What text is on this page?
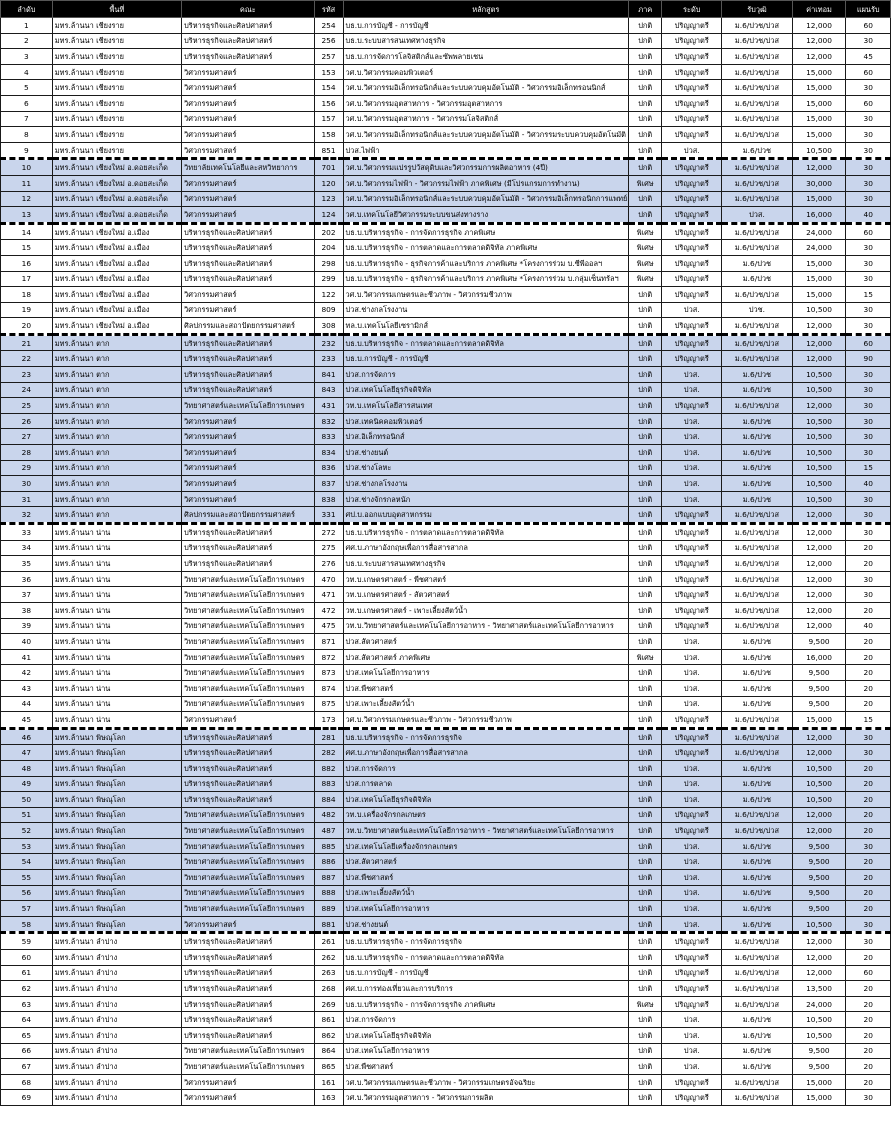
ลำดับ	พื้นที่	คณะ	รหัส	หลักสูตร	ภาค	ระดับ	รับวุฒิ	ค่าเทอม	แผนรับ
1	มทร.ล้านนา เชียงราย	บริหารธุรกิจและศิลปศาสตร์	254	บธ.บ.การบัญชี - การบัญชี	ปกติ	ปริญญาตรี	ม.6/ปวช/ปวส	12,000	60
2	มทร.ล้านนา เชียงราย	บริหารธุรกิจและศิลปศาสตร์	256	บธ.บ.ระบบสารสนเทศทางธุรกิจ	ปกติ	ปริญญาตรี	ม.6/ปวช/ปวส	12,000	30
3	มทร.ล้านนา เชียงราย	บริหารธุรกิจและศิลปศาสตร์	257	บธ.บ.การจัดการโลจิสติกส์และซัพพลายเชน	ปกติ	ปริญญาตรี	ม.6/ปวช/ปวส	12,000	45
4	มทร.ล้านนา เชียงราย	วิศวกรรมศาสตร์	153	วศ.บ.วิศวกรรมคอมพิวเตอร์	ปกติ	ปริญญาตรี	ม.6/ปวช/ปวส	15,000	60
5	มทร.ล้านนา เชียงราย	วิศวกรรมศาสตร์	154	วศ.บ.วิศวกรรมอิเล็กทรอนิกส์และระบบควบคุมอัตโนมัติ - วิศวกรรมอิเล็กทรอนนิกส์	ปกติ	ปริญญาตรี	ม.6/ปวช/ปวส	15,000	30
6	มทร.ล้านนา เชียงราย	วิศวกรรมศาสตร์	156	วศ.บ.วิศวกรรมอุตสาหการ - วิศวกรรมอุตสาหการ	ปกติ	ปริญญาตรี	ม.6/ปวช/ปวส	15,000	60
7	มทร.ล้านนา เชียงราย	วิศวกรรมศาสตร์	157	วศ.บ.วิศวกรรมอุตสาหการ - วิศวกรรมโลจิสติกส์	ปกติ	ปริญญาตรี	ม.6/ปวช/ปวส	15,000	30
8	มทร.ล้านนา เชียงราย	วิศวกรรมศาสตร์	158	วศ.บ.วิศวกรรมอิเล็กทรอนิกส์และระบบควบคุมอัตโนมัติ - วิศวกรรมระบบควบคุมอัตโนมัติ	ปกติ	ปริญญาตรี	ม.6/ปวช/ปวส	15,000	30
9	มทร.ล้านนา เชียงราย	วิศวกรรมศาสตร์	851	ปวส.ไฟฟ้า	ปกติ	ปวส.	ม.6/ปวช	10,500	30
10	มทร.ล้านนา เชียงใหม่ อ.ดอยสะเก็ด	วิทยาลัยเทคโนโลยีและสหวิทยาการ	701	วศ.บ.วิศวกรรมแปรรูปวัสดุดิบและวิศวกรรมการผลิตอาหาร (4ปี)	ปกติ	ปริญญาตรี	ม.6/ปวช/ปวส	12,000	30
11	มทร.ล้านนา เชียงใหม่ อ.ดอยสะเก็ด	วิศวกรรมศาสตร์	120	วศ.บ.วิศวกรรมไฟฟ้า - วิศวกรรมไฟฟ้า ภาคพิเศษ (มีโปรแกรมการทำงาน)	พิเศษ	ปริญญาตรี	ม.6/ปวช/ปวส	30,000	30
12	มทร.ล้านนา เชียงใหม่ อ.ดอยสะเก็ด	วิศวกรรมศาสตร์	123	วศ.บ.วิศวกรรมอิเล็กทรอนิกส์และระบบควบคุมอัตโนมัติ - วิศวกรรมอิเล็กทรอนิกการแพทย์	ปกติ	ปริญญาตรี	ม.6/ปวช/ปวส	15,000	30
13	มทร.ล้านนา เชียงใหม่ อ.ดอยสะเก็ด	วิศวกรรมศาสตร์	124	วศ.บ.เทคโนโลยีวิศวกรรมระบบขนส่งทางราง	ปกติ	ปริญญาตรี	ปวส.	16,000	40
14	มทร.ล้านนา เชียงใหม่ อ.เมือง	บริหารธุรกิจและศิลปศาสตร์	202	บธ.บ.บริหารธุรกิจ - การจัดการธุรกิจ ภาคพิเศษ	พิเศษ	ปริญญาตรี	ม.6/ปวช/ปวส	24,000	60
15	มทร.ล้านนา เชียงใหม่ อ.เมือง	บริหารธุรกิจและศิลปศาสตร์	204	บธ.บ.บริหารธุรกิจ - การตลาดและการตลาดดิจิทัล ภาคพิเศษ	พิเศษ	ปริญญาตรี	ม.6/ปวช/ปวส	24,000	30
16	มทร.ล้านนา เชียงใหม่ อ.เมือง	บริหารธุรกิจและศิลปศาสตร์	298	บธ.บ.บริหารธุรกิจ - ธุรกิจการค้าและบริการ ภาคพิเศษ *โครงการร่วม บ.ซีพีออลฯ	พิเศษ	ปริญญาตรี	ม.6/ปวช	15,000	30
17	มทร.ล้านนา เชียงใหม่ อ.เมือง	บริหารธุรกิจและศิลปศาสตร์	299	บธ.บ.บริหารธุรกิจ - ธุรกิจการค้าและบริการ ภาคพิเศษ *โครงการร่วม บ.กลุ่มเซ็นทรัลฯ	พิเศษ	ปริญญาตรี	ม.6/ปวช	15,000	30
18	มทร.ล้านนา เชียงใหม่ อ.เมือง	วิศวกรรมศาสตร์	122	วศ.บ.วิศวกรรมเกษตรและชีวภาพ - วิศวกรรมชีวภาพ	ปกติ	ปริญญาตรี	ม.6/ปวช/ปวส	15,000	15
19	มทร.ล้านนา เชียงใหม่ อ.เมือง	วิศวกรรมศาสตร์	809	ปวส.ช่างกลโรงงาน	ปกติ	ปวส.	ปวช.	10,500	30
20	มทร.ล้านนา เชียงใหม่ อ.เมือง	ศิลปกรรมและสถาปัตยกรรมศาสตร์	308	ทล.บ.เทคโนโลยีเซรามิกส์	ปกติ	ปริญญาตรี	ม.6/ปวช/ปวส	12,000	30
21	มทร.ล้านนา ตาก	บริหารธุรกิจและศิลปศาสตร์	232	บธ.บ.บริหารธุรกิจ - การตลาดและการตลาดดิจิทัล	ปกติ	ปริญญาตรี	ม.6/ปวช/ปวส	12,000	60
22	มทร.ล้านนา ตาก	บริหารธุรกิจและศิลปศาสตร์	233	บธ.บ.การบัญชี - การบัญชี	ปกติ	ปริญญาตรี	ม.6/ปวช/ปวส	12,000	90
23	มทร.ล้านนา ตาก	บริหารธุรกิจและศิลปศาสตร์	841	ปวส.การจัดการ	ปกติ	ปวส.	ม.6/ปวช	10,500	30
24	มทร.ล้านนา ตาก	บริหารธุรกิจและศิลปศาสตร์	843	ปวส.เทคโนโลยีธุรกิจดิจิทัล	ปกติ	ปวส.	ม.6/ปวช	10,500	30
25	มทร.ล้านนา ตาก	วิทยาศาสตร์และเทคโนโลยีการเกษตร	431	วท.บ.เทคโนโลยีสารสนเทศ	ปกติ	ปริญญาตรี	ม.6/ปวช/ปวส	12,000	30
26	มทร.ล้านนา ตาก	วิศวกรรมศาสตร์	832	ปวส.เทคนิคคอมพิวเตอร์	ปกติ	ปวส.	ม.6/ปวช	10,500	30
27	มทร.ล้านนา ตาก	วิศวกรรมศาสตร์	833	ปวส.อิเล็กทรอนิกส์	ปกติ	ปวส.	ม.6/ปวช	10,500	30
28	มทร.ล้านนา ตาก	วิศวกรรมศาสตร์	834	ปวส.ช่างยนต์	ปกติ	ปวส.	ม.6/ปวช	10,500	30
29	มทร.ล้านนา ตาก	วิศวกรรมศาสตร์	836	ปวส.ช่างโลหะ	ปกติ	ปวส.	ม.6/ปวช	10,500	15
30	มทร.ล้านนา ตาก	วิศวกรรมศาสตร์	837	ปวส.ช่างกลโรงงาน	ปกติ	ปวส.	ม.6/ปวช	10,500	40
31	มทร.ล้านนา ตาก	วิศวกรรมศาสตร์	838	ปวส.ช่างจักรกลหนัก	ปกติ	ปวส.	ม.6/ปวช	10,500	30
32	มทร.ล้านนา ตาก	ศิลปกรรมและสถาปัตยกรรมศาสตร์	331	ศป.บ.ออกแบบอุตสาหกรรม	ปกติ	ปริญญาตรี	ม.6/ปวช/ปวส	12,000	30
33	มทร.ล้านนา น่าน	บริหารธุรกิจและศิลปศาสตร์	272	บธ.บ.บริหารธุรกิจ - การตลาดและการตลาดดิจิทัล	ปกติ	ปริญญาตรี	ม.6/ปวช/ปวส	12,000	30
34	มทร.ล้านนา น่าน	บริหารธุรกิจและศิลปศาสตร์	275	ศศ.บ.ภาษาอังกฤษเพื่อการสื่อสารสากล	ปกติ	ปริญญาตรี	ม.6/ปวช/ปวส	12,000	20
35	มทร.ล้านนา น่าน	บริหารธุรกิจและศิลปศาสตร์	276	บธ.บ.ระบบสารสนเทศทางธุรกิจ	ปกติ	ปริญญาตรี	ม.6/ปวช/ปวส	12,000	20
36	มทร.ล้านนา น่าน	วิทยาศาสตร์และเทคโนโลยีการเกษตร	470	วท.บ.เกษตรศาสตร์ - พืชศาสตร์	ปกติ	ปริญญาตรี	ม.6/ปวช/ปวส	12,000	30
37	มทร.ล้านนา น่าน	วิทยาศาสตร์และเทคโนโลยีการเกษตร	471	วท.บ.เกษตรศาสตร์ - สัตวศาสตร์	ปกติ	ปริญญาตรี	ม.6/ปวช/ปวส	12,000	30
38	มทร.ล้านนา น่าน	วิทยาศาสตร์และเทคโนโลยีการเกษตร	472	วท.บ.เกษตรศาสตร์ - เพาะเลี้ยงสัตว์น้ำ	ปกติ	ปริญญาตรี	ม.6/ปวช/ปวส	12,000	20
39	มทร.ล้านนา น่าน	วิทยาศาสตร์และเทคโนโลยีการเกษตร	475	วท.บ.วิทยาศาสตร์และเทคโนโลยีการอาหาร - วิทยาศาสตร์และเทคโนโลยีการอาหาร	ปกติ	ปริญญาตรี	ม.6/ปวช/ปวส	12,000	40
40	มทร.ล้านนา น่าน	วิทยาศาสตร์และเทคโนโลยีการเกษตร	871	ปวส.สัตวศาสตร์	ปกติ	ปวส.	ม.6/ปวช	9,500	20
41	มทร.ล้านนา น่าน	วิทยาศาสตร์และเทคโนโลยีการเกษตร	872	ปวส.สัตวศาสตร์ ภาคพิเศษ	พิเศษ	ปวส.	ม.6/ปวช	16,000	20
42	มทร.ล้านนา น่าน	วิทยาศาสตร์และเทคโนโลยีการเกษตร	873	ปวส.เทคโนโลยีการอาหาร	ปกติ	ปวส.	ม.6/ปวช	9,500	20
43	มทร.ล้านนา น่าน	วิทยาศาสตร์และเทคโนโลยีการเกษตร	874	ปวส.พืชศาสตร์	ปกติ	ปวส.	ม.6/ปวช	9,500	20
44	มทร.ล้านนา น่าน	วิทยาศาสตร์และเทคโนโลยีการเกษตร	875	ปวส.เพาะเลี้ยงสัตว์น้ำ	ปกติ	ปวส.	ม.6/ปวช	9,500	20
45	มทร.ล้านนา น่าน	วิศวกรรมศาสตร์	173	วศ.บ.วิศวกรรมเกษตรและชีวภาพ - วิศวกรรมชีวภาพ	ปกติ	ปริญญาตรี	ม.6/ปวช/ปวส	15,000	15
46	มทร.ล้านนา พิษณุโลก	บริหารธุรกิจและศิลปศาสตร์	281	บธ.บ.บริหารธุรกิจ - การจัดการธุรกิจ	ปกติ	ปริญญาตรี	ม.6/ปวช/ปวส	12,000	30
47	มทร.ล้านนา พิษณุโลก	บริหารธุรกิจและศิลปศาสตร์	282	ศศ.บ.ภาษาอังกฤษเพื่อการสื่อสารสากล	ปกติ	ปริญญาตรี	ม.6/ปวช/ปวส	12,000	30
48	มทร.ล้านนา พิษณุโลก	บริหารธุรกิจและศิลปศาสตร์	882	ปวส.การจัดการ	ปกติ	ปวส.	ม.6/ปวช	10,500	20
49	มทร.ล้านนา พิษณุโลก	บริหารธุรกิจและศิลปศาสตร์	883	ปวส.การตลาด	ปกติ	ปวส.	ม.6/ปวช	10,500	20
50	มทร.ล้านนา พิษณุโลก	บริหารธุรกิจและศิลปศาสตร์	884	ปวส.เทคโนโลยีธุรกิจดิจิทัล	ปกติ	ปวส.	ม.6/ปวช	10,500	20
51	มทร.ล้านนา พิษณุโลก	วิทยาศาสตร์และเทคโนโลยีการเกษตร	482	วท.บ.เครื่องจักรกลเกษตร	ปกติ	ปริญญาตรี	ม.6/ปวช/ปวส	12,000	20
52	มทร.ล้านนา พิษณุโลก	วิทยาศาสตร์และเทคโนโลยีการเกษตร	487	วท.บ.วิทยาศาสตร์และเทคโนโลยีการอาหาร - วิทยาศาสตร์และเทคโนโลยีการอาหาร	ปกติ	ปริญญาตรี	ม.6/ปวช/ปวส	12,000	20
53	มทร.ล้านนา พิษณุโลก	วิทยาศาสตร์และเทคโนโลยีการเกษตร	885	ปวส.เทคโนโลยีเครื่องจักรกลเกษตร	ปกติ	ปวส.	ม.6/ปวช	9,500	30
54	มทร.ล้านนา พิษณุโลก	วิทยาศาสตร์และเทคโนโลยีการเกษตร	886	ปวส.สัตวศาสตร์	ปกติ	ปวส.	ม.6/ปวช	9,500	20
55	มทร.ล้านนา พิษณุโลก	วิทยาศาสตร์และเทคโนโลยีการเกษตร	887	ปวส.พืชศาสตร์	ปกติ	ปวส.	ม.6/ปวช	9,500	20
56	มทร.ล้านนา พิษณุโลก	วิทยาศาสตร์และเทคโนโลยีการเกษตร	888	ปวส.เพาะเลี้ยงสัตว์น้ำ	ปกติ	ปวส.	ม.6/ปวช	9,500	20
57	มทร.ล้านนา พิษณุโลก	วิทยาศาสตร์และเทคโนโลยีการเกษตร	889	ปวส.เทคโนโลยีการอาหาร	ปกติ	ปวส.	ม.6/ปวช	9,500	20
58	มทร.ล้านนา พิษณุโลก	วิศวกรรมศาสตร์	881	ปวส.ช่างยนต์	ปกติ	ปวส.	ม.6/ปวช	10,500	30
59	มทร.ล้านนา ลำปาง	บริหารธุรกิจและศิลปศาสตร์	261	บธ.บ.บริหารธุรกิจ - การจัดการธุรกิจ	ปกติ	ปริญญาตรี	ม.6/ปวช/ปวส	12,000	30
60	มทร.ล้านนา ลำปาง	บริหารธุรกิจและศิลปศาสตร์	262	บธ.บ.บริหารธุรกิจ - การตลาดและการตลาดดิจิทัล	ปกติ	ปริญญาตรี	ม.6/ปวช/ปวส	12,000	20
61	มทร.ล้านนา ลำปาง	บริหารธุรกิจและศิลปศาสตร์	263	บธ.บ.การบัญชี - การบัญชี	ปกติ	ปริญญาตรี	ม.6/ปวช/ปวส	12,000	60
62	มทร.ล้านนา ลำปาง	บริหารธุรกิจและศิลปศาสตร์	268	ศศ.บ.การท่องเที่ยวและการบริการ	ปกติ	ปริญญาตรี	ม.6/ปวช/ปวส	13,500	20
63	มทร.ล้านนา ลำปาง	บริหารธุรกิจและศิลปศาสตร์	269	บธ.บ.บริหารธุรกิจ - การจัดการธุรกิจ ภาคพิเศษ	พิเศษ	ปริญญาตรี	ม.6/ปวช/ปวส	24,000	20
64	มทร.ล้านนา ลำปาง	บริหารธุรกิจและศิลปศาสตร์	861	ปวส.การจัดการ	ปกติ	ปวส.	ม.6/ปวช	10,500	20
65	มทร.ล้านนา ลำปาง	บริหารธุรกิจและศิลปศาสตร์	862	ปวส.เทคโนโลยีธุรกิจดิจิทัล	ปกติ	ปวส.	ม.6/ปวช	10,500	20
66	มทร.ล้านนา ลำปาง	วิทยาศาสตร์และเทคโนโลยีการเกษตร	864	ปวส.เทคโนโลยีการอาหาร	ปกติ	ปวส.	ม.6/ปวช	9,500	20
67	มทร.ล้านนา ลำปาง	วิทยาศาสตร์และเทคโนโลยีการเกษตร	865	ปวส.พืชศาสตร์	ปกติ	ปวส.	ม.6/ปวช	9,500	20
68	มทร.ล้านนา ลำปาง	วิศวกรรมศาสตร์	161	วศ.บ.วิศวกรรมเกษตรและชีวภาพ - วิศวกรรมเกษตรอัจฉริยะ	ปกติ	ปริญญาตรี	ม.6/ปวช/ปวส	15,000	20
69	มทร.ล้านนา ลำปาง	วิศวกรรมศาสตร์	163	วศ.บ.วิศวกรรมอุตสาหการ - วิศวกรรมการผลิต	ปกติ	ปริญญาตรี	ม.6/ปวช/ปวส	15,000	30
